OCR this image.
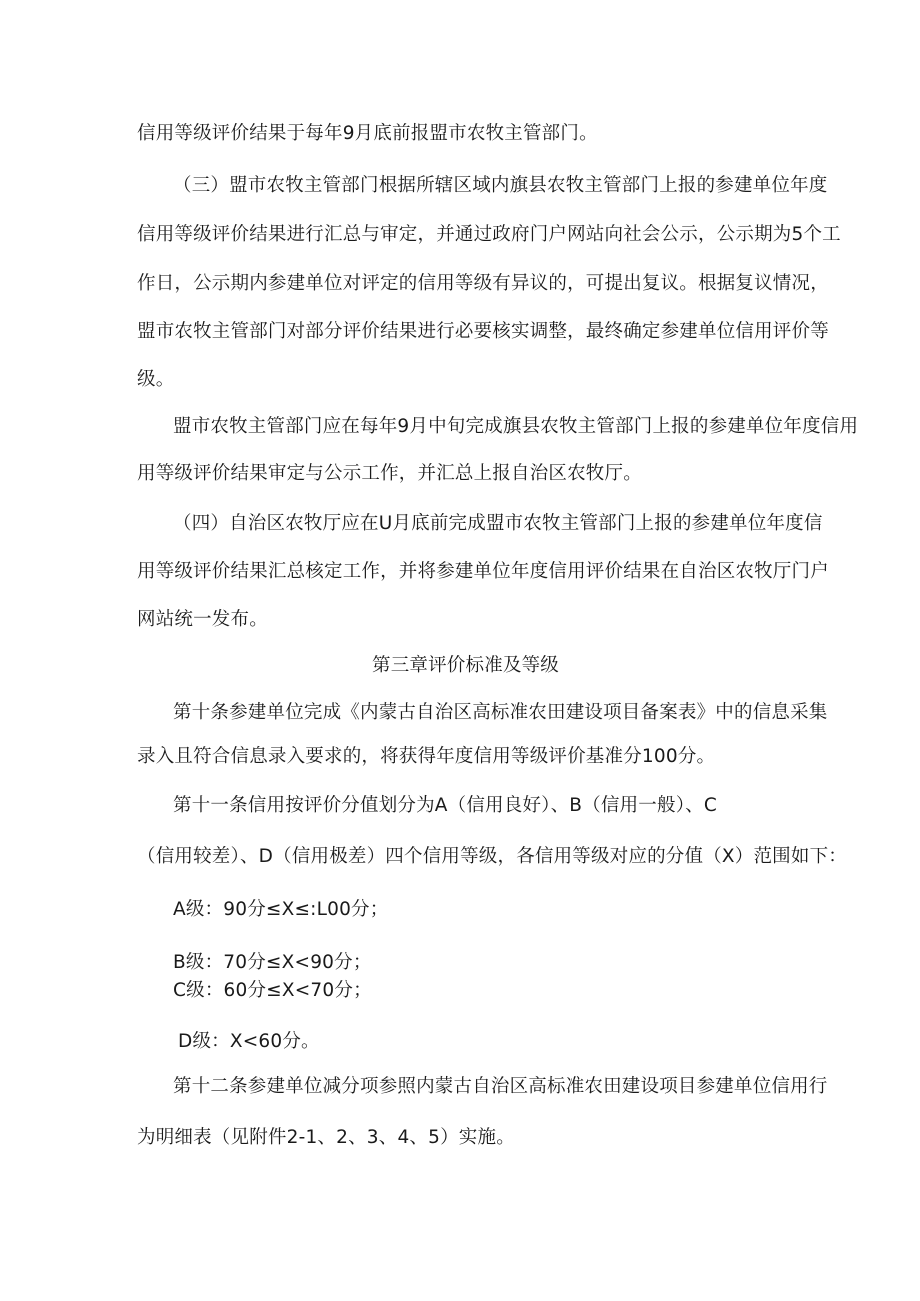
信用等级评价结果于每年9月底前报盟市农牧主管部门。
（三）盟市农牧主管部门根据所辖区域内旗县农牧主管部门上报的参建单位年度
信用等级评价结果进行汇总与审定，并通过政府门户网站向社会公示，公示期为5个工
作日，公示期内参建单位对评定的信用等级有异议的，可提出复议。根据复议情况，
盟市农牧主管部门对部分评价结果进行必要核实调整，最终确定参建单位信用评价等
级。
盟市农牧主管部门应在每年9月中旬完成旗县农牧主管部门上报的参建单位年度信用
用等级评价结果审定与公示工作，并汇总上报自治区农牧厅。
（四）自治区农牧厅应在U月底前完成盟市农牧主管部门上报的参建单位年度信
用等级评价结果汇总核定工作，并将参建单位年度信用评价结果在自治区农牧厅门户
网站统一发布。
第三章评价标准及等级
第十条参建单位完成《内蒙古自治区高标准农田建设项目备案表》中的信息采集
录入且符合信息录入要求的，将获得年度信用等级评价基准分100分。
第十一条信用按评价分值划分为A（信用良好）、B（信用一般）、C
（信用较差）、D（信用极差）四个信用等级，各信用等级对应的分值（X）范围如下：
A级：90分≤X≤:L00分；
B级：70分≤X<90分；
C级：60分≤X<70分；
D级：X<60分。
第十二条参建单位减分项参照内蒙古自治区高标准农田建设项目参建单位信用行
为明细表（见附件2-1、2、3、4、5）实施。
